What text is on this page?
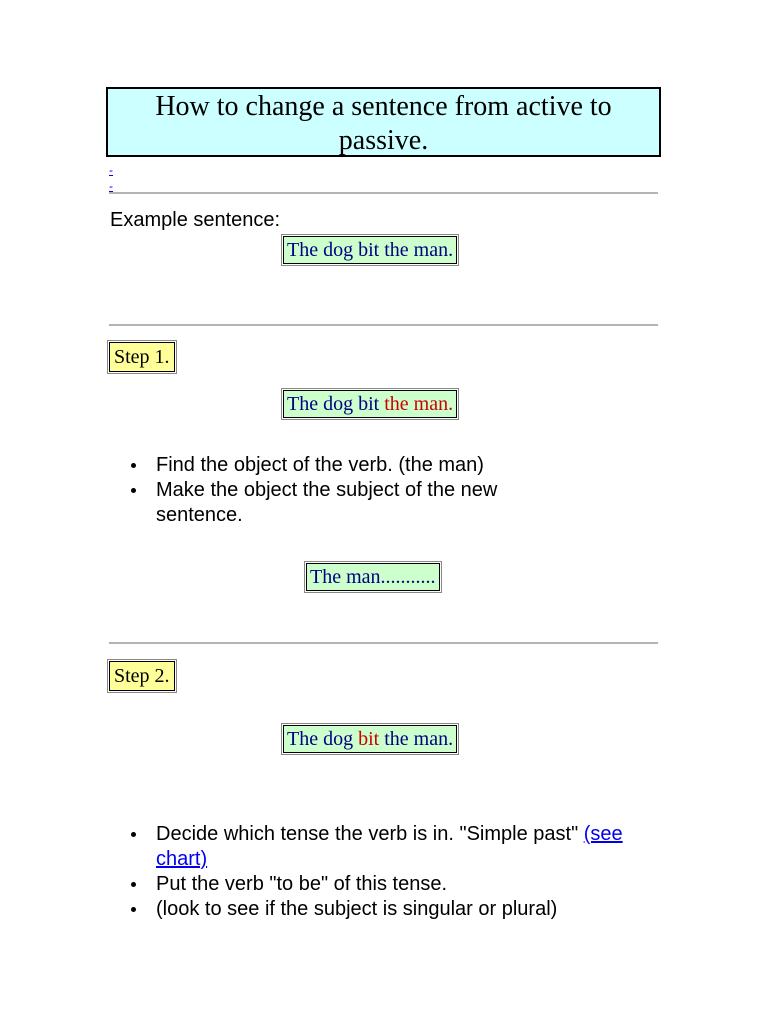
How to change a sentence from active to passive.
-
-
Example sentence:
The dog bit the man.
Step 1.
The dog bit the man.
Find the object of the verb. (the man)
Make the object the subject of the new sentence.
The man...........
Step 2.
The dog bit the man.
Decide which tense the verb is in. "Simple past" (see chart)
Put the verb "to be" of this tense.
(look to see if the subject is singular or plural)
